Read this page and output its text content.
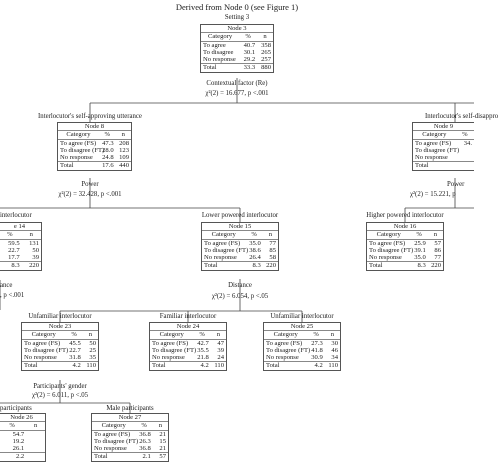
Derived from Node 0 (see Figure 1)
Setting 3
Node 3
Category	%	n
To agree	40.7	358
To disagree	30.1	265
No response	29.2	257
Total	33.3	880
Contextual factor (Re)
χ²(2) = 16.677, p <.001
Interlocutor's self-approving utterance	Interlocutor's self-disappro
Node 8
Category	%	n
To agree (FS)	47.3	208
To disagree (FT)	28.0	123
No response	24.8	109
Total	17.6	440
Node 9
Category	%
To agree (FS)	34.
To disagree (FT)	
No response	
Total	
Power
χ²(2) = 32.428, p <.001
Power
χ²(2) = 15.221, p
interlocutor	Lower powered interlocutor	Higher powered interlocutor
e 14
%	n
59.5	131
22.7	50
17.7	39
8.3	220
Node 15
Category	%	n
To agree (FS)	35.0	77
To disagree (FT)	38.6	85
No response	26.4	58
Total	8.3	220
Node 16
Category	%	n
To agree (FS)	25.9	57
To disagree (FT)	39.1	86
No response	35.0	77
Total	8.3	220
ance
, p <.001
Distance
χ²(2) = 6.054, p <.05
Unfamiliar interlocutor	Familiar interlocutor	Unfamiliar interlocutor
Node 23
Category	%	n
To agree (FS)	45.5	50
To disagree (FT)	22.7	25
No response	31.8	35
Total	4.2	110
Node 24
Category	%	n
To agree (FS)	42.7	47
To disagree (FT)	35.5	39
No response	21.8	24
Total	4.2	110
Node 25
Category	%	n
To agree (FS)	27.3	30
To disagree (FT)	41.8	46
No response	30.9	34
Total	4.2	110
Participants' gender
χ²(2) = 6.011, p <.05
participants	Male participants
Node 26
%	n
54.7	
19.2	
26.1	
2.2	
Node 27
Category	%	n
To agree (FS)	36.8	21
To disagree (FT)	26.3	15
No response	36.8	21
Total	2.1	57
